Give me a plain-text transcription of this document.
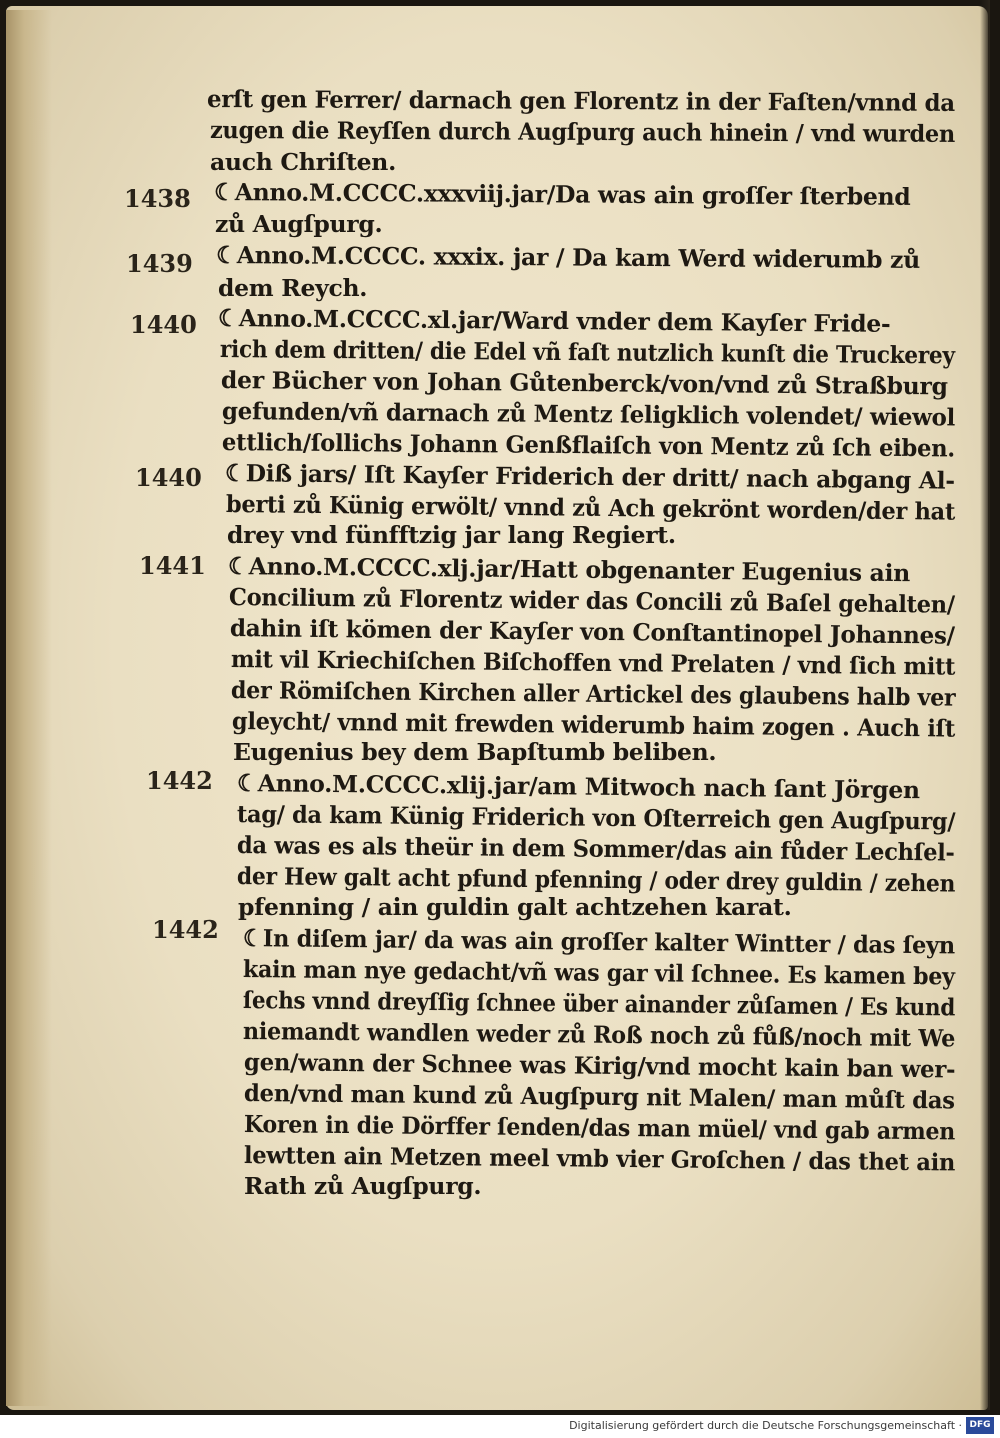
1438
1439
1440
1440
1441
1442
1442
erſt gen Ferrer/ darnach gen Florentz in der Faſten/vnnd da
zugen die Reyſſen durch Augſpurg auch hinein / vnd wurden
auch Chriſten.
☾Anno.M.CCCC.xxxviij.jar/Da was ain groſſer ſterbend
zů Augſpurg.
☾Anno.M.CCCC. xxxix. jar / Da kam Werd widerumb zů
dem Reych.
☾Anno.M.CCCC.xl.jar/Ward vnder dem Kayſer Fride-
rich dem dritten/ die Edel vñ faſt nutzlich kunſt die Truckerey
der Bücher von Johan Gůtenberck/von/vnd zů Straßburg
gefunden/vñ darnach zů Mentz ſeligklich volendet/ wiewol
ettlich/ſollichs Johann Genßflaiſch von Mentz zů ſch eiben.
☾Diß jars/ Iſt Kayſer Friderich der dritt/ nach abgang Al-
berti zů Künig erwölt/ vnnd zů Ach gekrönt worden/der hat
drey vnd fünfftzig jar lang Regiert.
☾Anno.M.CCCC.xlj.jar/Hatt obgenanter Eugenius ain
Concilium zů Florentz wider das Concili zů Baſel gehalten/
dahin iſt kömen der Kayſer von Conſtantinopel Johannes/
mit vil Kriechiſchen Biſchoffen vnd Prelaten / vnd ſich mitt
der Römiſchen Kirchen aller Artickel des glaubens halb ver
gleycht/ vnnd mit frewden widerumb haim zogen . Auch iſt
Eugenius bey dem Bapſtumb beliben.
☾Anno.M.CCCC.xlij.jar/am Mitwoch nach ſant Jörgen
tag/ da kam Künig Friderich von Oſterreich gen Augſpurg/
da was es als theür in dem Sommer/das ain fůder Lechſel-
der Hew galt acht pfund pfenning / oder drey guldin / zehen
pfenning / ain guldin galt achtzehen karat.
☾In diſem jar/ da was ain groſſer kalter Wintter / das ſeyn
kain man nye gedacht/vñ was gar vil ſchnee. Es kamen bey
ſechs vnnd dreyſſig ſchnee über ainander zůſamen / Es kund
niemandt wandlen weder zů Roß noch zů fůß/noch mit We
gen/wann der Schnee was Kirig/vnd mocht kain ban wer-
den/vnd man kund zů Augſpurg nit Malen/ man můſt das
Koren in die Dörffer ſenden/das man müel/ vnd gab armen
lewtten ain Metzen meel vmb vier Groſchen / das thet ain
Rath zů Augſpurg.
Digitalisierung gefördert durch die Deutsche Forschungsgemeinschaft · DFG
